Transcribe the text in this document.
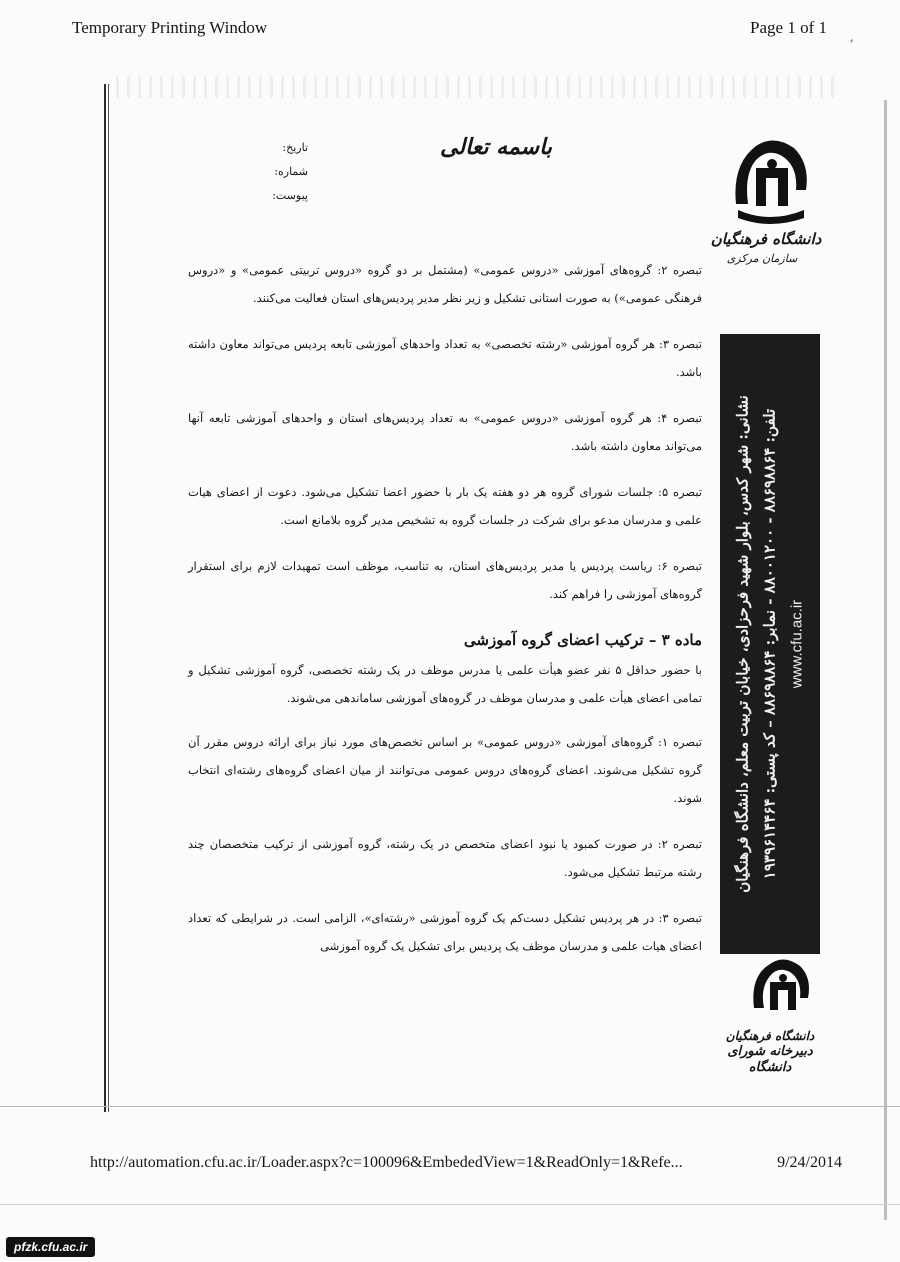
Temporary Printing Window	Page 1 of 1 ,
تاریخ:
شماره:
پیوست:
باسمه تعالی
دانشگاه فرهنگیان
سازمان مرکزی
نشانی: شهر کدس، بلوار شهید فرحزادی، خیابان تربیت معلم، دانشگاه فرهنگیان تلفن: ۸۸۶۹۸۸۶۴ - ۸۸۰۰۱۲۰۰ - نمابر: ۸۸۶۹۸۸۶۴ – کد پستی: ۱۹۳۹۶۱۴۴۶۴
www.cfu.ac.ir
دانشگاه فرهنگیان
دبیرخانه شورای دانشگاه

تبصره ۲: گروه‌های آموزشی «دروس عمومی» (مشتمل بر دو گروه «دروس تربیتی عمومی» و «دروس فرهنگی عمومی») به صورت استانی تشکیل و زیر نظر مدیر پردیس‌های استان فعالیت می‌کنند.

تبصره ۳: هر گروه آموزشی «رشته تخصصی» به تعداد واحدهای آموزشی تابعه پردیس می‌تواند معاون داشته باشد.

تبصره ۴: هر گروه آموزشی «دروس عمومی» به تعداد پردیس‌های استان و واحدهای آموزشی تابعه آنها می‌تواند معاون داشته باشد.

تبصره ۵: جلسات شورای گروه هر دو هفته یک بار با حضور اعضا تشکیل می‌شود. دعوت از اعضای هیات علمی و مدرسان مدعو برای شرکت در جلسات گروه به تشخیص مدیر گروه بلامانع است.

تبصره ۶: ریاست پردیس یا مدیر پردیس‌های استان، به تناسب، موظف است تمهیدات لازم برای استقرار گروه‌های آموزشی را فراهم کند.

ماده ۳ – ترکیب اعضای گروه آموزشی

با حضور حداقل ۵ نفر عضو هیأت علمی یا مدرس موظف در یک رشته تخصصی، گروه آموزشی تشکیل و تمامی اعضای هیأت علمی و مدرسان موظف در گروه‌های آموزشی ساماندهی می‌شوند.

تبصره ۱: گروه‌های آموزشی «دروس عمومی» بر اساس تخصص‌های مورد نیاز برای ارائه دروس مقرر آن گروه تشکیل می‌شوند. اعضای گروه‌های دروس عمومی می‌توانند از میان اعضای گروه‌های رشته‌ای انتخاب شوند.

تبصره ۲: در صورت کمبود یا نبود اعضای متخصص در یک رشته، گروه آموزشی از ترکیب متخصصان چند رشته مرتبط تشکیل می‌شود.

تبصره ۳: در هر پردیس تشکیل دست‌کم یک گروه آموزشی «رشته‌ای»، الزامی است. در شرایطی که تعداد اعضای هیات علمی و مدرسان موظف یک پردیس برای تشکیل یک گروه آموزشی

http://automation.cfu.ac.ir/Loader.aspx?c=100096&EmbededView=1&ReadOnly=1&Refe...	9/24/2014
pfzk.cfu.ac.ir
